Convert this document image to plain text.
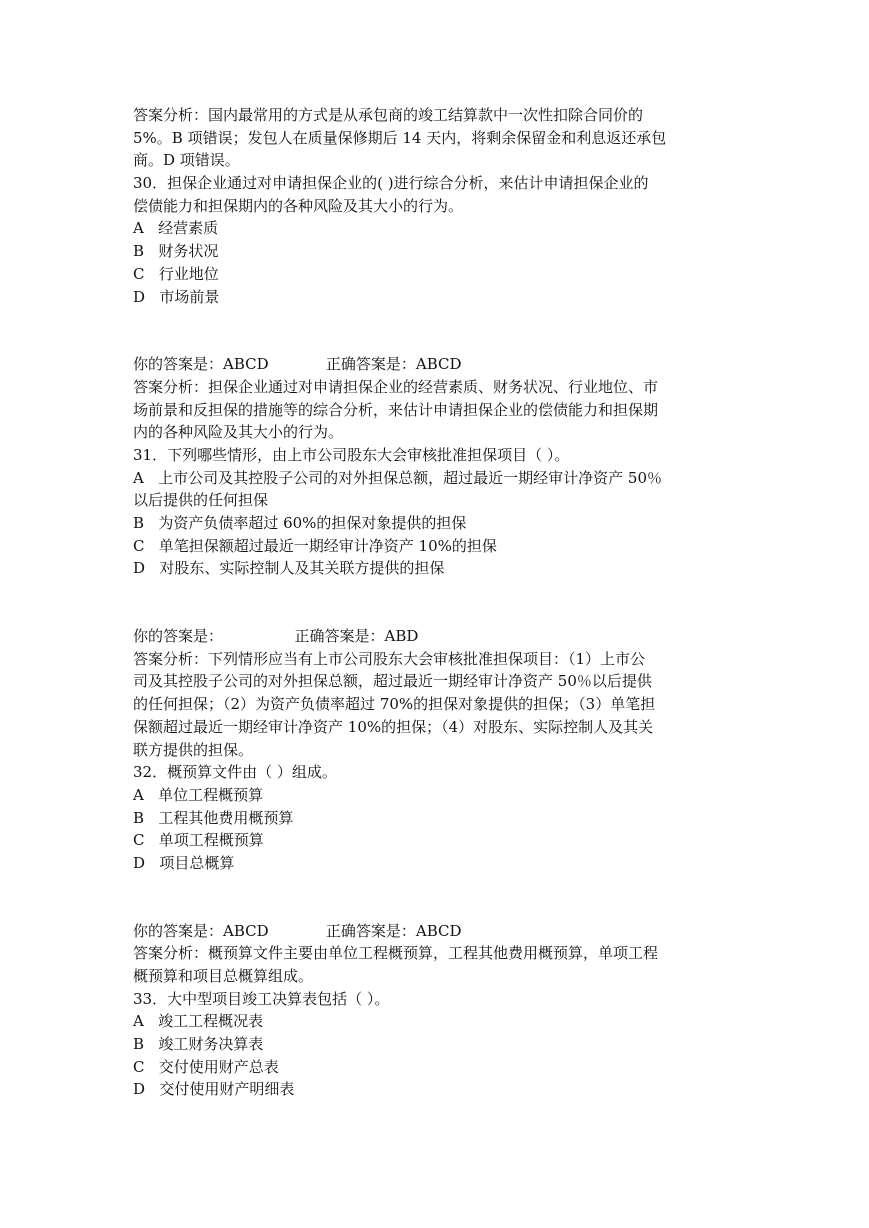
答案分析：国内最常用的方式是从承包商的竣工结算款中一次性扣除合同价的
5%。B 项错误；发包人在质量保修期后 14 天内，将剩余保留金和利息返还承包
商。D 项错误。
30．担保企业通过对申请担保企业的( )进行综合分析，来估计申请担保企业的
偿债能力和担保期内的各种风险及其大小的行为。
A   经营素质
B   财务状况
C   行业地位
D   市场前景
你的答案是：ABCD	正确答案是：ABCD
答案分析：担保企业通过对申请担保企业的经营素质、财务状况、行业地位、市
场前景和反担保的措施等的综合分析，来估计申请担保企业的偿债能力和担保期
内的各种风险及其大小的行为。
31．下列哪些情形，由上市公司股东大会审核批准担保项目（ ）。
A   上市公司及其控股子公司的对外担保总额，超过最近一期经审计净资产 50％
以后提供的任何担保
B   为资产负债率超过 60%的担保对象提供的担保
C   单笔担保额超过最近一期经审计净资产 10%的担保
D   对股东、实际控制人及其关联方提供的担保
你的答案是：	正确答案是：ABD
答案分析：下列情形应当有上市公司股东大会审核批准担保项目：（1）上市公
司及其控股子公司的对外担保总额，超过最近一期经审计净资产 50％以后提供
的任何担保；（2）为资产负债率超过 70%的担保对象提供的担保；（3）单笔担
保额超过最近一期经审计净资产 10%的担保；（4）对股东、实际控制人及其关
联方提供的担保。
32．概预算文件由（ ）组成。
A   单位工程概预算
B   工程其他费用概预算
C   单项工程概预算
D   项目总概算
你的答案是：ABCD	正确答案是：ABCD
答案分析：概预算文件主要由单位工程概预算，工程其他费用概预算，单项工程
概预算和项目总概算组成。
33．大中型项目竣工决算表包括（ ）。
A   竣工工程概况表
B   竣工财务决算表
C   交付使用财产总表
D   交付使用财产明细表
